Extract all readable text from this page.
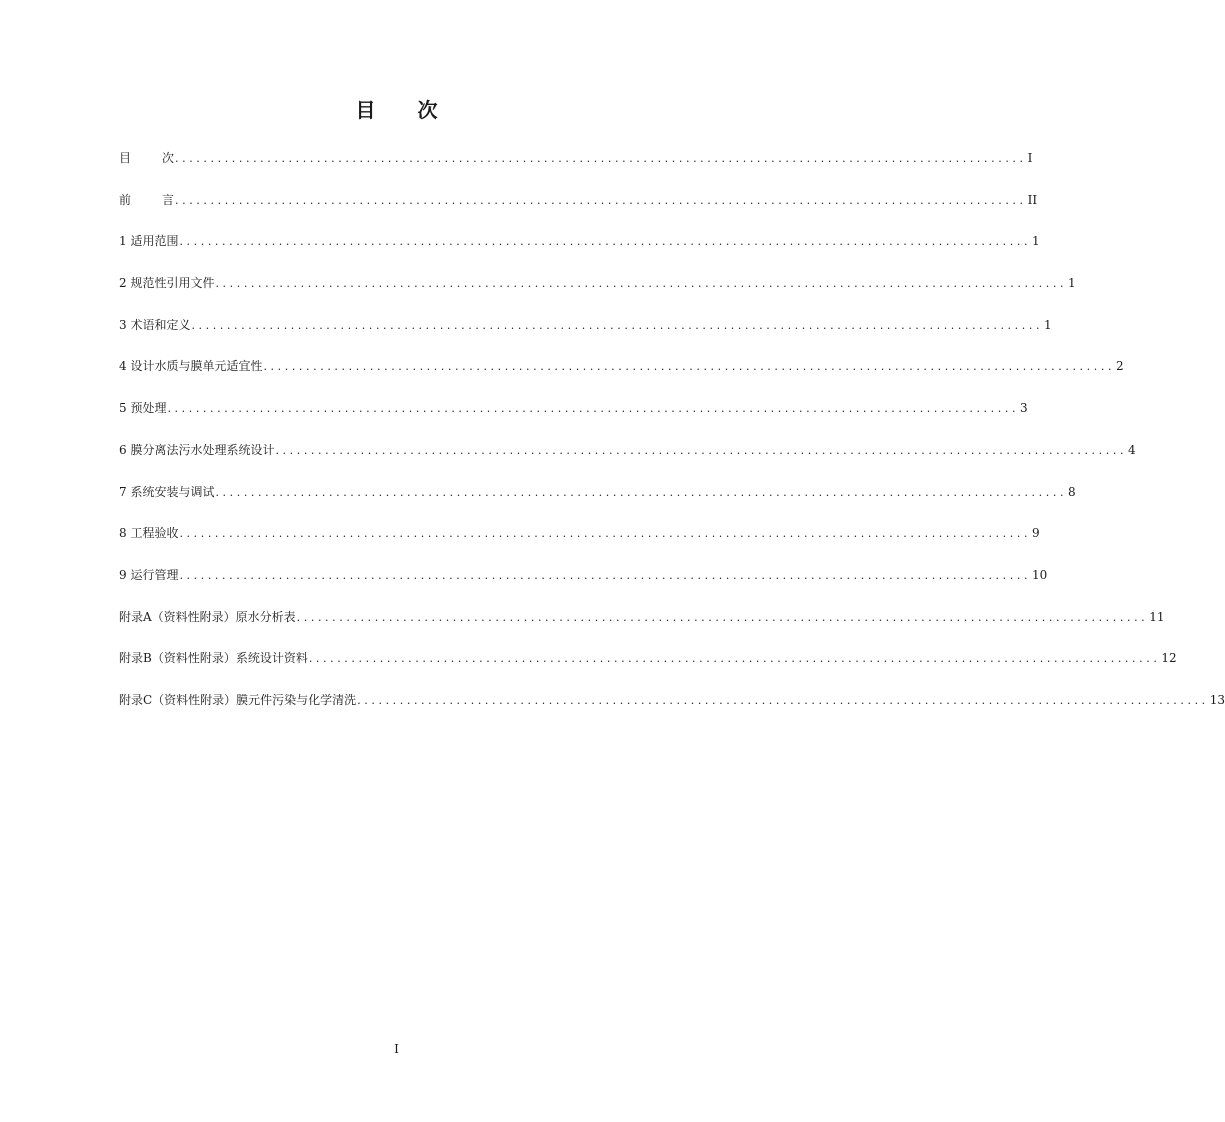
目 次
目	次 ........................................................................................................................ I
前	言 ........................................................................................................................ II
1 适用范围 ........................................................................................................................ 1
2 规范性引用文件 ........................................................................................................................ 1
3 术语和定义 ........................................................................................................................ 1
4 设计水质与膜单元适宜性 ........................................................................................................................ 2
5 预处理 ........................................................................................................................ 3
6 膜分离法污水处理系统设计 ........................................................................................................................ 4
7 系统安装与调试 ........................................................................................................................ 8
8 工程验收 ........................................................................................................................ 9
9 运行管理 ........................................................................................................................ 10
附录A（资料性附录）原水分析表 ........................................................................................................................ 11
附录B（资料性附录）系统设计资料 ........................................................................................................................ 12
附录C（资料性附录）膜元件污染与化学清洗 ........................................................................................................................ 13
I
